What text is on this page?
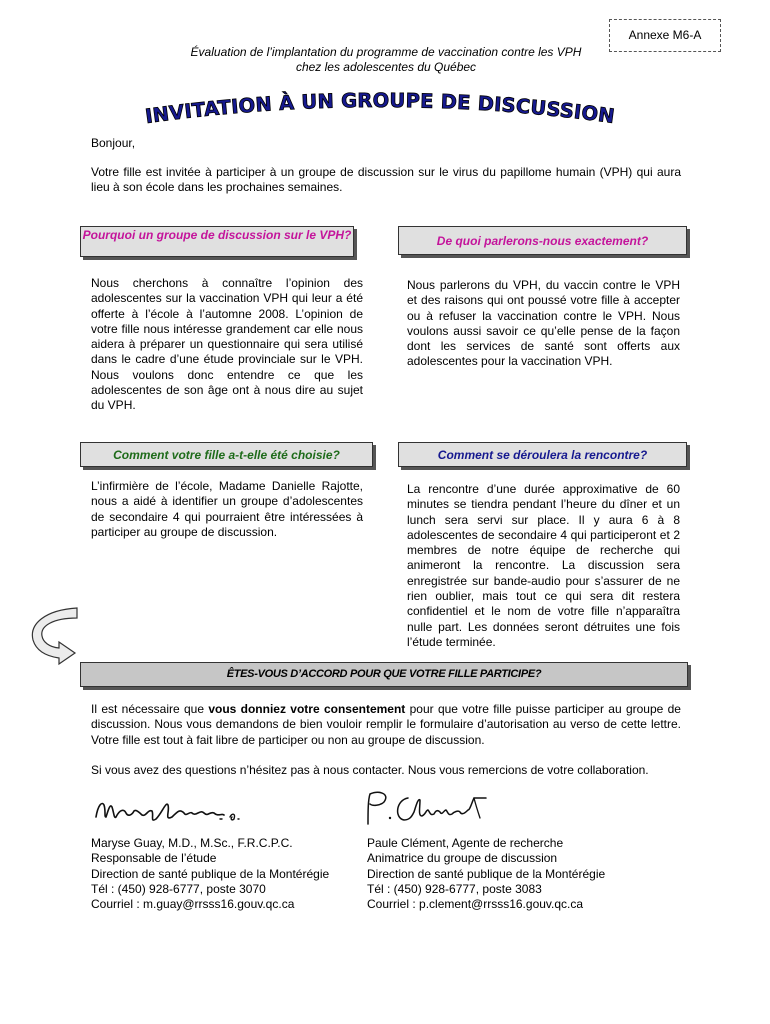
Annexe M6-A
Évaluation de l’implantation du programme de vaccination contre les VPH
chez les adolescentes du Québec
INVITATION À UN GROUPE DE DISCUSSION
Bonjour,
Votre fille est invitée à participer à un groupe de discussion sur le virus du papillome humain (VPH) qui aura lieu à son école dans les prochaines semaines.
Pourquoi un groupe de discussion sur le VPH?	De quoi parlerons-nous exactement?
Nous cherchons à connaître l’opinion des adolescentes sur la vaccination VPH qui leur a été offerte à l’école à l’automne 2008. L’opinion de votre fille nous intéresse grandement car elle nous aidera à préparer un questionnaire qui sera utilisé dans le cadre d’une étude provinciale sur le VPH. Nous voulons donc entendre ce que les adolescentes de son âge ont à nous dire au sujet du VPH.
Nous parlerons du VPH, du vaccin contre le VPH et des raisons qui ont poussé votre fille à accepter ou à refuser la vaccination contre le VPH. Nous voulons aussi savoir ce qu’elle pense de la façon dont les services de santé sont offerts aux adolescentes pour la vaccination VPH.
Comment votre fille a-t-elle été choisie?	Comment se déroulera la rencontre?
L’infirmière de l’école, Madame Danielle Rajotte, nous a aidé à identifier un groupe d’adolescentes de secondaire 4 qui pourraient être intéressées à participer au groupe de discussion.
La rencontre d’une durée approximative de 60 minutes se tiendra pendant l’heure du dîner et un lunch sera servi sur place. Il y aura 6 à 8 adolescentes de secondaire 4 qui participeront et 2 membres de notre équipe de recherche qui animeront la rencontre. La discussion sera enregistrée sur bande-audio pour s’assurer de ne rien oublier, mais tout ce qui sera dit restera confidentiel et le nom de votre fille n’apparaîtra nulle part. Les données seront détruites une fois l’étude terminée.
ÊTES-VOUS D’ACCORD POUR QUE VOTRE FILLE PARTICIPE?
Il est nécessaire que vous donniez votre consentement pour que votre fille puisse participer au groupe de discussion. Nous vous demandons de bien vouloir remplir le formulaire d’autorisation au verso de cette lettre. Votre fille est tout à fait libre de participer ou non au groupe de discussion.
Si vous avez des questions n’hésitez pas à nous contacter. Nous vous remercions de votre collaboration.
Maryse Guay, M.D., M.Sc., F.R.C.P.C.
Responsable de l’étude
Direction de santé publique de la Montérégie
Tél : (450) 928-6777, poste 3070
Courriel : m.guay@rrsss16.gouv.qc.ca
Paule Clément, Agente de recherche
Animatrice du groupe de discussion
Direction de santé publique de la Montérégie
Tél : (450) 928-6777, poste 3083
Courriel : p.clement@rrsss16.gouv.qc.ca
